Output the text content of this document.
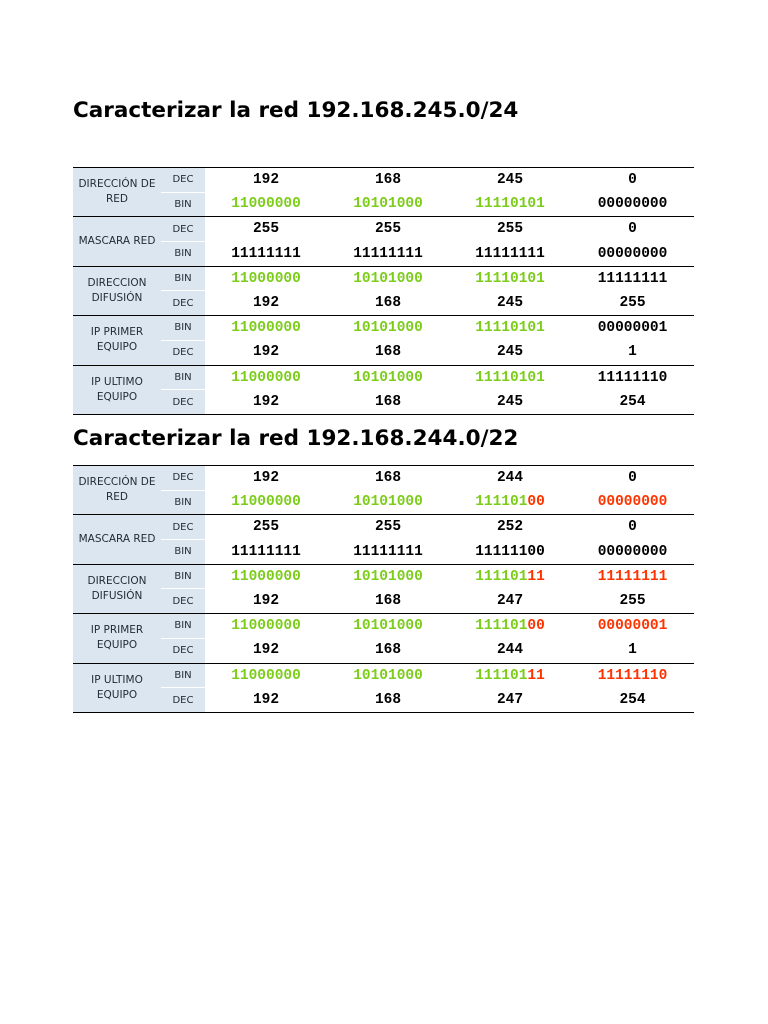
Caracterizar la red 192.168.245.0/24
DIRECCIÓN DE RED	DEC	192	168	245	0
	BIN	11000000	10101000	11110101	00000000
MASCARA RED	DEC	255	255	255	0
	BIN	11111111	11111111	11111111	00000000
DIRECCION DIFUSIÓN	BIN	11000000	10101000	11110101	11111111
	DEC	192	168	245	255
IP PRIMER EQUIPO	BIN	11000000	10101000	11110101	00000001
	DEC	192	168	245	1
IP ULTIMO EQUIPO	BIN	11000000	10101000	11110101	11111110
	DEC	192	168	245	254
Caracterizar la red 192.168.244.0/22
DIRECCIÓN DE RED	DEC	192	168	244	0
	BIN	11000000	10101000	11110100	00000000
MASCARA RED	DEC	255	255	252	0
	BIN	11111111	11111111	11111100	00000000
DIRECCION DIFUSIÓN	BIN	11000000	10101000	11110111	11111111
	DEC	192	168	247	255
IP PRIMER EQUIPO	BIN	11000000	10101000	11110100	00000001
	DEC	192	168	244	1
IP ULTIMO EQUIPO	BIN	11000000	10101000	11110111	11111110
	DEC	192	168	247	254
